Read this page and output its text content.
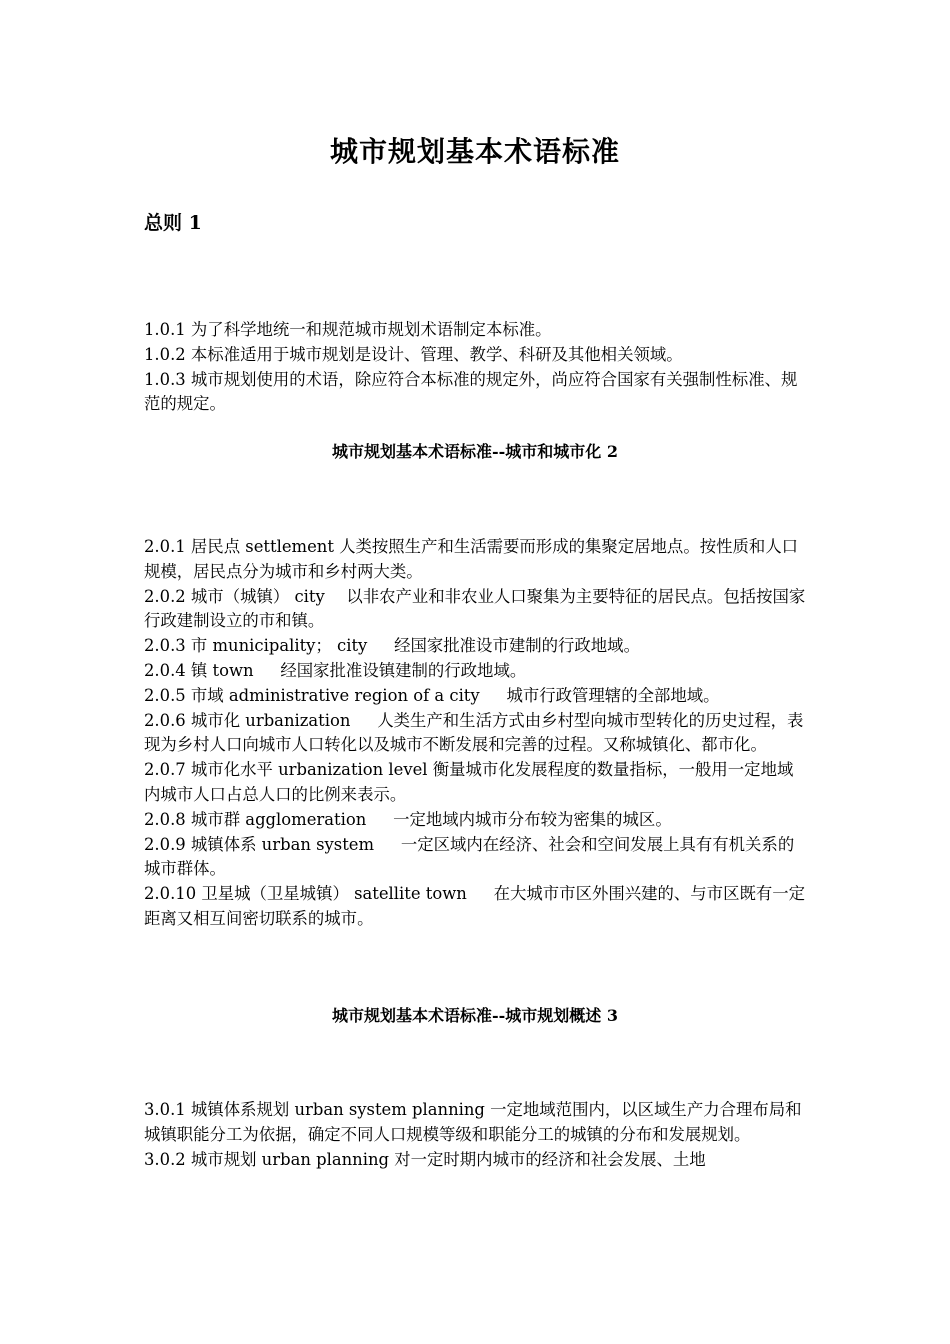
城市规划基本术语标准
总则 1

1.0.1 为了科学地统一和规范城市规划术语制定本标准。

1.0.2 本标准适用于城市规划是设计、管理、教学、科研及其他相关领域。

1.0.3 城市规划使用的术语，除应符合本标准的规定外，尚应符合国家有关强制性标准、规范的规定。

城市规划基本术语标准--城市和城市化 2

2.0.1 居民点 settlement 人类按照生产和生活需要而形成的集聚定居地点。按性质和人口规模，居民点分为城市和乡村两大类。

2.0.2 城市（城镇） city 　以非农产业和非农业人口聚集为主要特征的居民点。包括按国家行政建制设立的市和镇。

2.0.3 市 municipality； city 　 经国家批准设市建制的行政地域。

2.0.4 镇 town 　 经国家批准设镇建制的行政地域。

2.0.5 市域 administrative region of a city 　 城市行政管理辖的全部地域。

2.0.6 城市化 urbanization 　 人类生产和生活方式由乡村型向城市型转化的历史过程，表现为乡村人口向城市人口转化以及城市不断发展和完善的过程。又称城镇化、都市化。

2.0.7 城市化水平 urbanization level 衡量城市化发展程度的数量指标，一般用一定地域内城市人口占总人口的比例来表示。

2.0.8 城市群 agglomeration 　 一定地域内城市分布较为密集的城区。

2.0.9 城镇体系 urban system 　 一定区域内在经济、社会和空间发展上具有有机关系的城市群体。

2.0.10 卫星城（卫星城镇） satellite town 　 在大城市市区外围兴建的、与市区既有一定距离又相互间密切联系的城市。

城市规划基本术语标准--城市规划概述 3

3.0.1 城镇体系规划 urban system planning 一定地域范围内，以区域生产力合理布局和城镇职能分工为依据，确定不同人口规模等级和职能分工的城镇的分布和发展规划。

3.0.2 城市规划 urban planning 对一定时期内城市的经济和社会发展、土地
